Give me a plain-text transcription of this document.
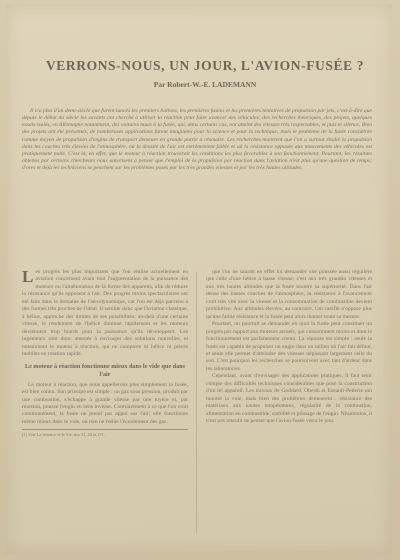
VERRONS-NOUS, UN JOUR, L'AVION-FUSÉE ?

Par Robert-W.-E. LADEMANN

Il n'a plus d'un demi-siècle que furent lancés les premiers ballons, les premières fusées et les premières tentatives de propulsion par jets, c'est-à-dire que depuis le début du siècle les savants ont cherché à utiliser la réaction pour faire avancer des véhicules; des recherches théoriques, des projets, quelques essais isolés, en Allemagne notamment, des voitures mues à la fusée, qui, dans certains cas, ont atteint des vitesses très respectables, et puis le silence. Bien des projets ont été présentés, de nombreuses applications furent imaginées pour la science et pour la technique; mais le problème de la fusée considérée comme moyen de propulsion d'engins de transport demeure en grande partie à résoudre. Les recherches montrent que l'on a surtout étudié la propulsion dans les couches très élevées de l'atmosphère, où la densité de l'air est extrêmement faible et où la résistance opposée aux mouvements des véhicules est pratiquement nulle. C'est là, en effet, que le moteur à réaction trouverait les conditions les plus favorables à son fonctionnement. Pourtant, les résultats obtenus par certains chercheurs nous autorisent à penser que l'emploi de la propulsion par réaction dans l'aviation n'est plus qu'une question de temps; d'ores et déjà les techniciens se penchent sur les problèmes posés par les très grandes vitesses et par les très hautes altitudes.

Les progrès les plus importants que l'on réalise actuellement en aviation concernent avant tout l'augmentation de la puissance des moteurs ou l'amélioration de la forme des appareils, afin de réduire la résistance qu'ils opposent à l'air. Des progrès moins spectaculaires ont été faits dans le domaine de l'aérodynamique, car l'on est déjà parvenu à des formes très proches de l'idéal. Il semble donc que l'aviation classique, à hélice, approche des limites de ses possibilités; au-delà d'une certaine vitesse, le rendement de l'hélice diminue rapidement et les moteurs deviennent trop lourds pour la puissance qu'ils développent. Les ingénieurs sont donc amenés à envisager des solutions nouvelles, et notamment le moteur à réaction, qui ne comporte ni hélice ni pièces mobiles en rotation rapide.

Le moteur à réaction fonctionne mieux dans le vide que dans l'air

Le moteur à réaction, que nous appellerons plus simplement la fusée, est bien connu. Son principe est simple : un gaz sous pression, produit par une combustion, s'échappe à grande vitesse par une tuyère et, par réaction, pousse l'engin en sens inverse. Contrairement à ce que l'on croit communément, la fusée ne prend pas appui sur l'air; elle fonctionne même mieux dans le vide, où rien ne freine l'écoulement des gaz.

(1) Voir La Science et la Vie, nos 11, 20 et 171.

que l'on ne saurait en effet lui demander une poussée aussi régulière que celle d'une hélice à basse vitesse; c'est aux très grandes vitesses et aux très hautes altitudes que la fusée montre sa supériorité. Dans l'air dense des basses couches de l'atmosphère, la résistance à l'avancement croît très vite avec la vitesse et la consommation de combustible devient prohibitive. Aux altitudes élevées, au contraire, l'air raréfié n'oppose plus qu'une faible résistance et la fusée peut alors donner toute sa mesure.

Pourtant, on pourrait se demander en quoi la fusée peut constituer un progrès par rapport aux moteurs actuels, qui consomment moins et dont le fonctionnement est parfaitement connu. La réponse est simple : seule la fusée est capable de propulser un engin dans un milieu où l'air fait défaut, et seule elle permet d'atteindre des vitesses dépassant largement celle du son. C'est pourquoi les recherches se poursuivent avec tant d'ardeur dans les laboratoires.

Cependant, avant d'envisager des applications pratiques, il faut tenir compte des difficultés techniques considérables que pose la construction d'un tel appareil. Les travaux de Goddard, Oberth et Esnault-Pelterie ont montré la voie, mais bien des problèmes demeurent : résistance des matériaux aux hautes températures, régularité de la combustion, alimentation en combustible, stabilité et pilotage de l'engin. Néanmoins, il n'est pas interdit de penser que l'avion-fusée verra le jour.
